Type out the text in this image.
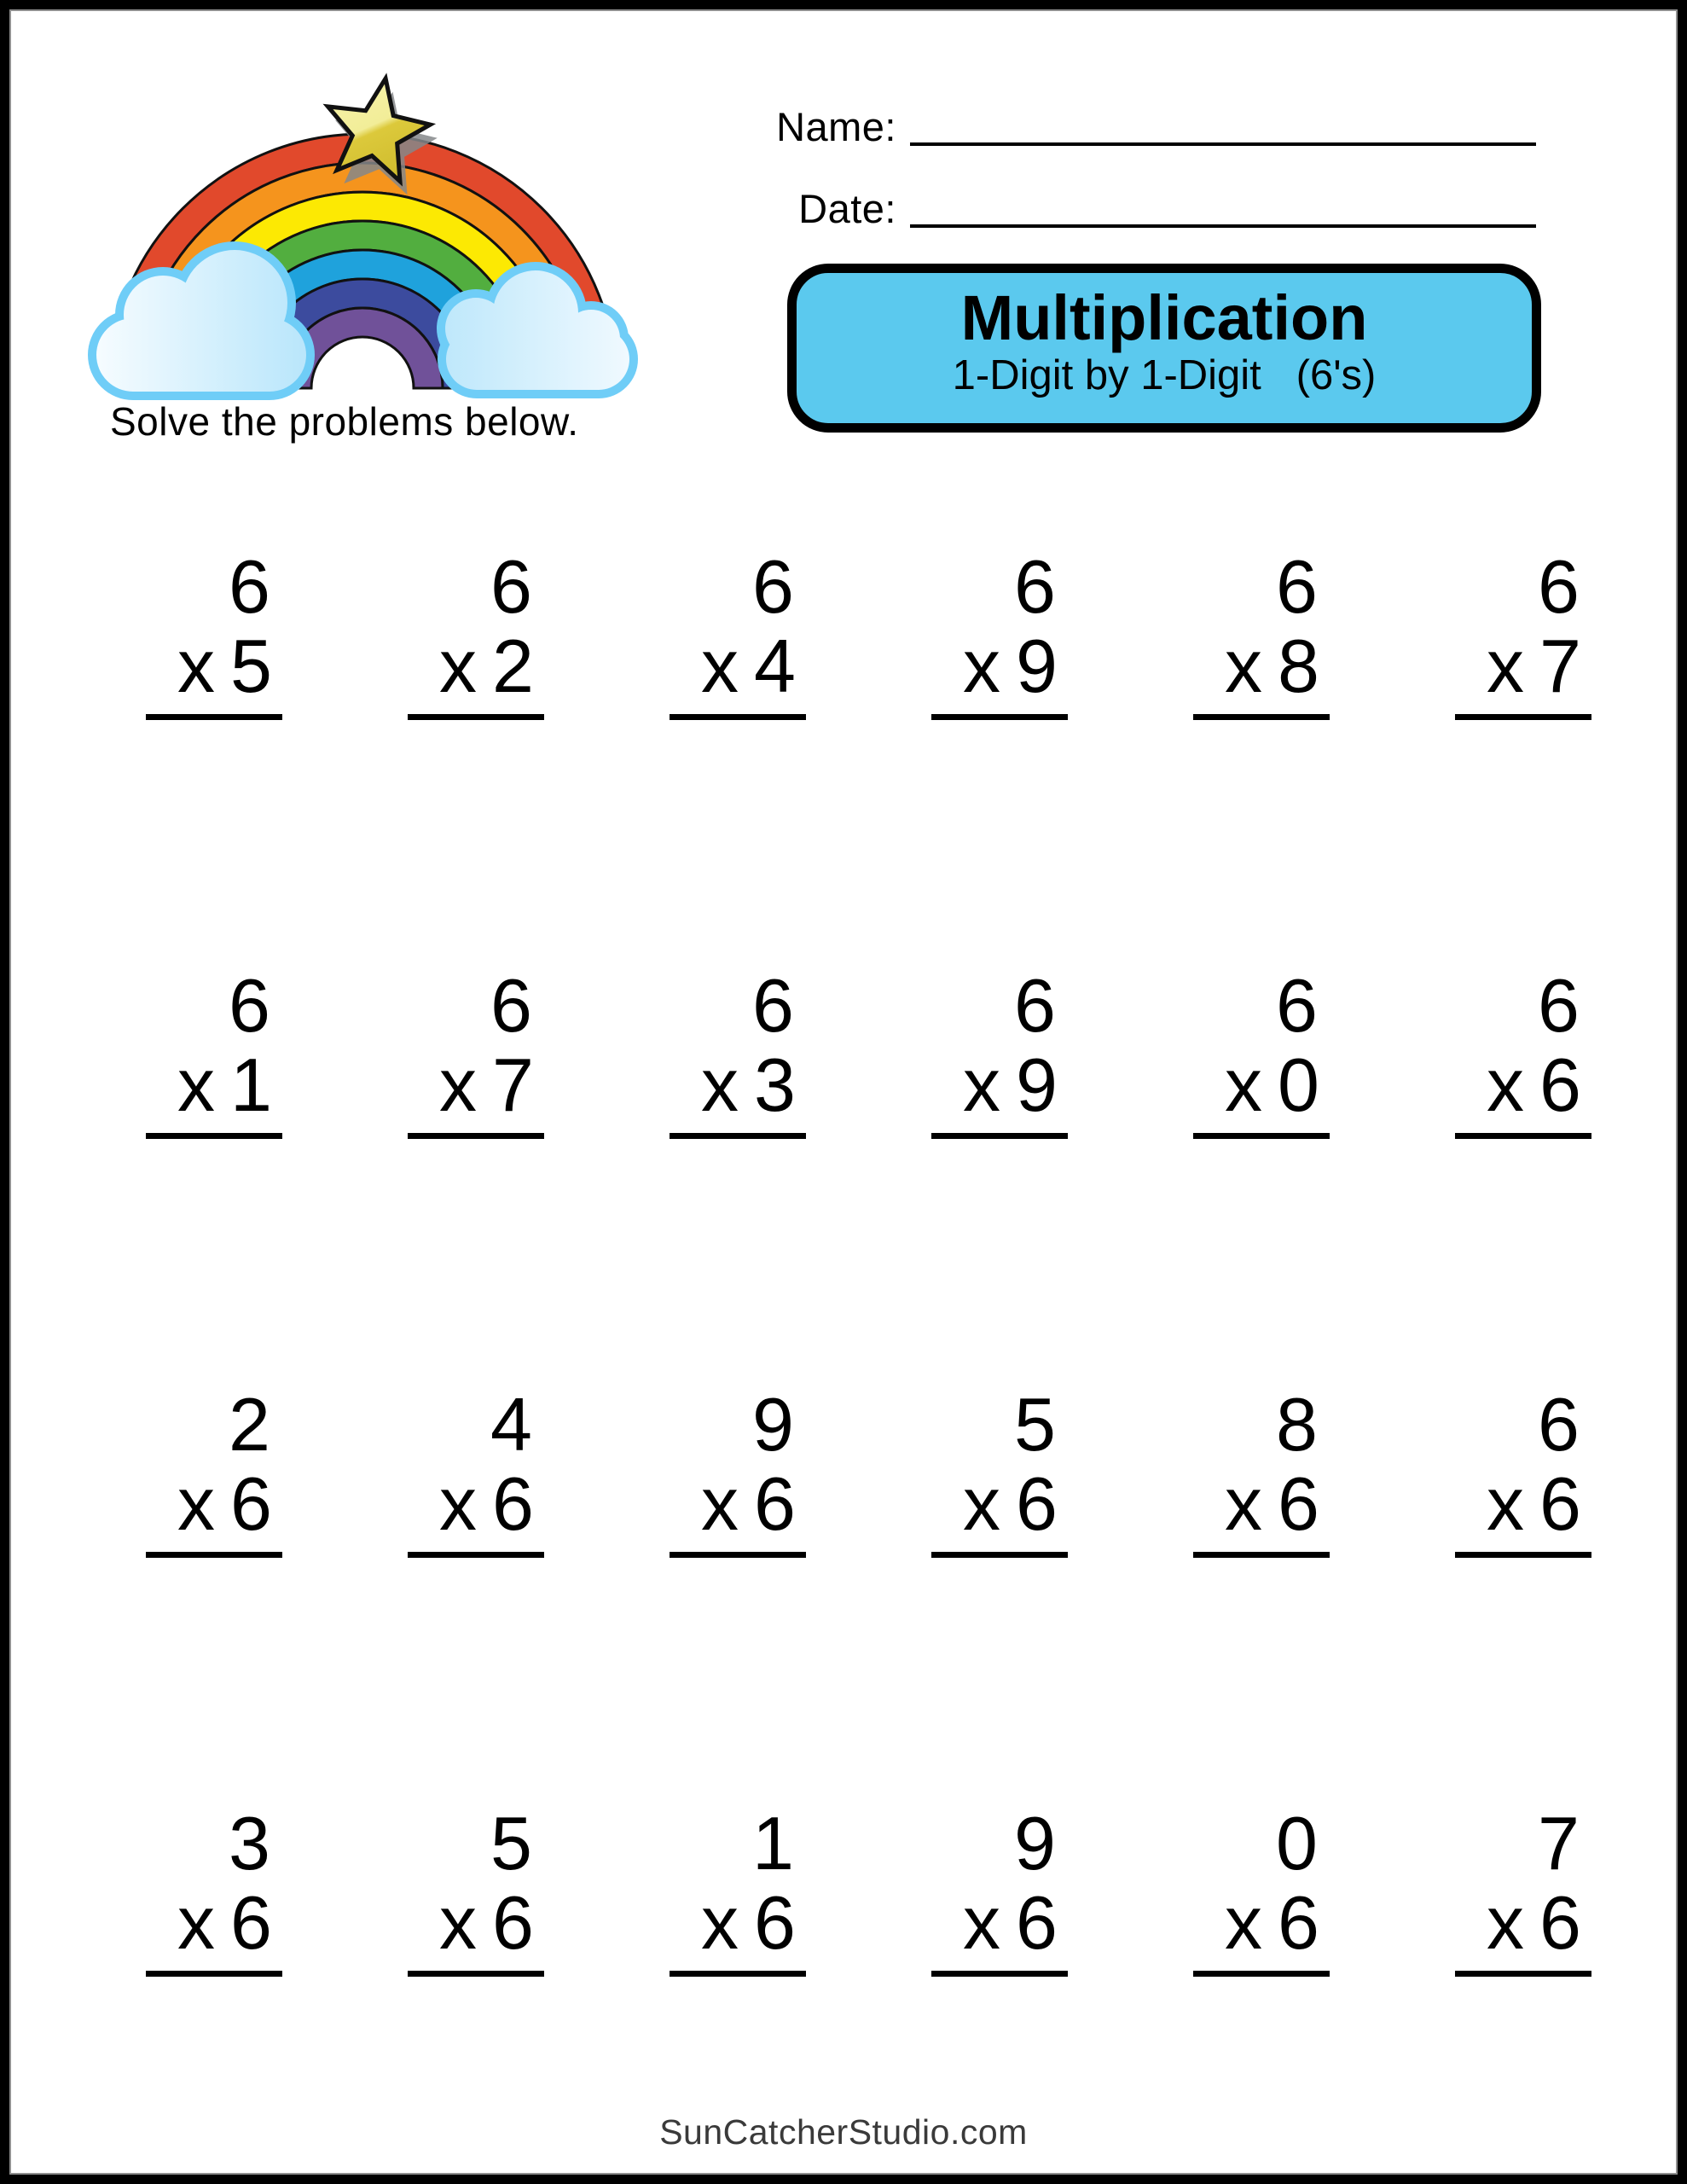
Solve the problems below.
Name:
Date:
Multiplication
1-Digit by 1-Digit   (6's)
6
x 5
6
x 2
6
x 4
6
x 9
6
x 8
6
x 7
6
x 1
6
x 7
6
x 3
6
x 9
6
x 0
6
x 6
2
x 6
4
x 6
9
x 6
5
x 6
8
x 6
6
x 6
3
x 6
5
x 6
1
x 6
9
x 6
0
x 6
7
x 6
SunCatcherStudio.com
